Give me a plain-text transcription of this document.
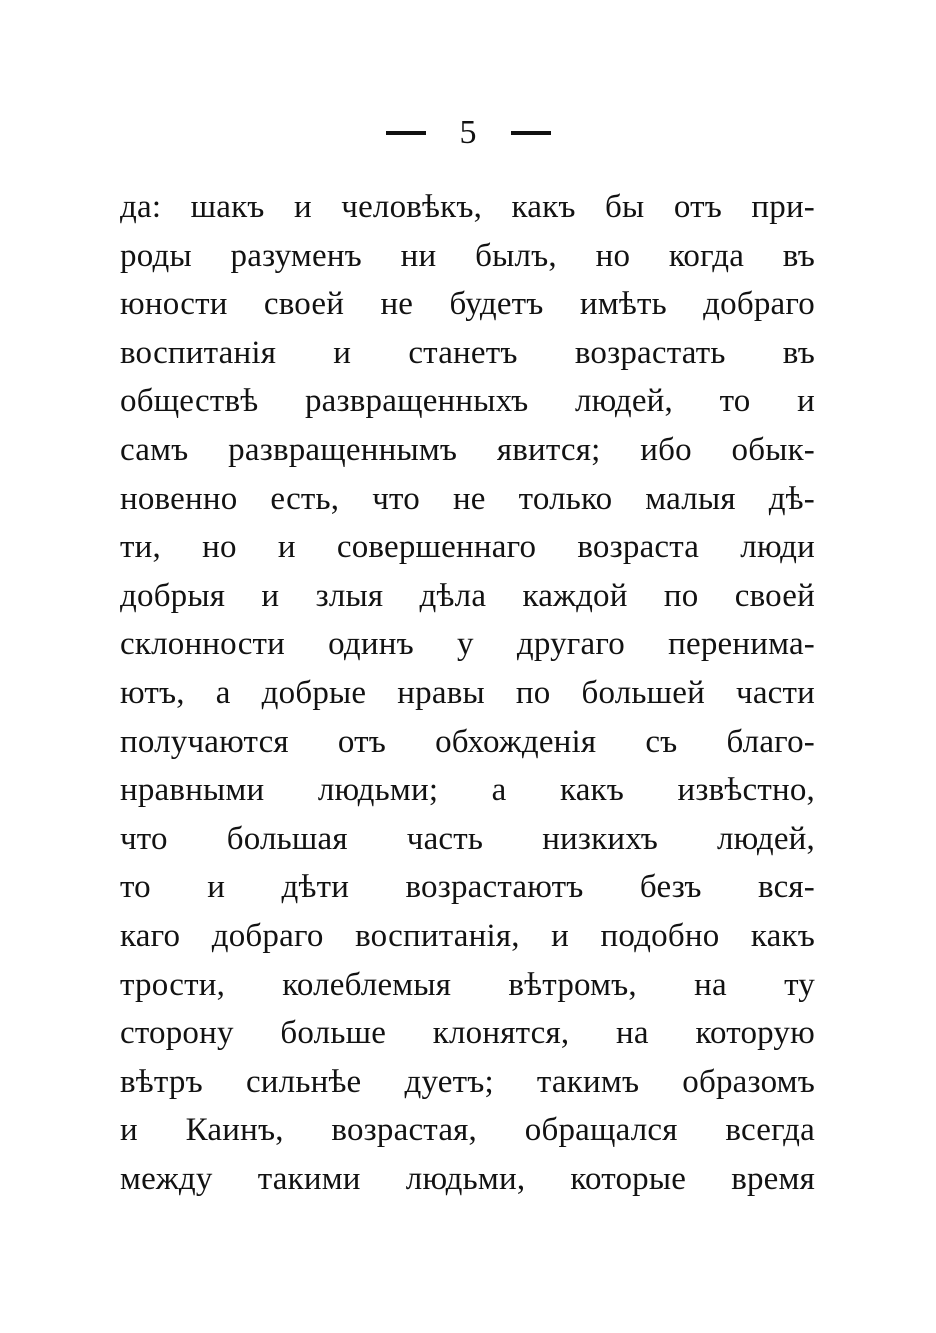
5
да: шакъ и человѣкъ, какъ бы отъ при-
роды разуменъ ни былъ, но когда въ
юности своей не будетъ имѣть добраго
воспитанія и станетъ возрастать въ
обществѣ развращенныхъ людей, то и
самъ развращеннымъ явится; ибо обык-
новенно есть, что не только малыя дѣ-
ти, но и совершеннаго возраста люди
добрыя и злыя дѣла каждой по своей
склонности одинъ у другаго перенима-
ютъ, а добрые нравы по большей части
получаются отъ обхожденія съ благо-
нравными людьми; а какъ извѣстно,
что большая часть низкихъ людей,
то и дѣти возрастаютъ безъ вся-
каго добраго воспитанія, и подобно какъ
трости, колеблемыя вѣтромъ, на ту
сторону больше клонятся, на которую
вѣтръ сильнѣе дуетъ; такимъ образомъ
и Каинъ, возрастая, обращался всегда
между такими людьми, которые время
